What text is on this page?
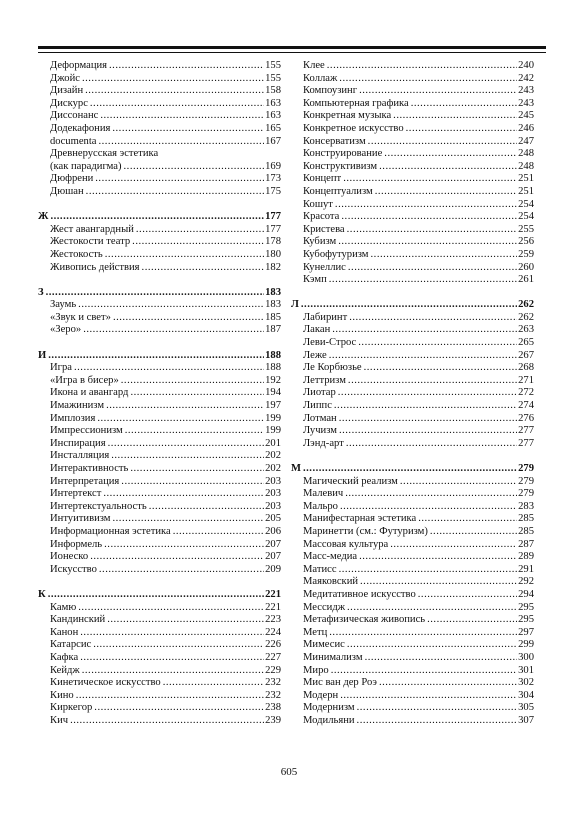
Деформация .....	155
Джойс .....	155
Дизайн .....	158
Дискурс .....	163
Диссонанс .....	163
Додекафония .....	165
documenta .....	167
Древнерусская эстетика
(как парадигма) .....	169
Дюфрени .....	173
Дюшан .....	175
Ж .....	177
Жест авангардный .....	177
Жестокости театр .....	178
Жестокость .....	180
Живопись действия .....	182
З .....	183
Заумь .....	183
«Звук и свет» .....	185
«Зеро» .....	187
И .....	188
Игра .....	188
«Игра в бисер» .....	192
Икона и авангард .....	194
Имажинизм .....	197
Имплозия .....	199
Импрессионизм .....	199
Инспирация .....	201
Инсталляция .....	202
Интерактивность .....	202
Интерпретация .....	203
Интертекст .....	203
Интертекстуальность .....	203
Интуитивизм .....	205
Информационная эстетика .....	206
Информель .....	207
Ионеско .....	207
Искусство .....	209
К .....	221
Камю .....	221
Кандинский .....	223
Канон .....	224
Катарсис .....	226
Кафка .....	227
Кейдж .....	229
Кинетическое искусство .....	232
Кино .....	232
Киркегор .....	238
Кич .....	239
Клее .....	240
Коллаж .....	242
Компоузинг .....	243
Компьютерная графика .....	243
Конкретная музыка .....	245
Конкретное искусство .....	246
Консерватизм .....	247
Конструирование .....	248
Конструктивизм .....	248
Концепт .....	251
Концептуализм .....	251
Кошут .....	254
Красота .....	254
Кристева .....	255
Кубизм .....	256
Кубофутуризм .....	259
Кунеллис .....	260
Кэмп .....	261
Л .....	262
Лабиринт .....	262
Лакан .....	263
Леви-Строс .....	265
Леже .....	267
Ле Корбюзье .....	268
Леттризм .....	271
Лиотар .....	272
Липпс .....	274
Лотман .....	276
Лучизм .....	277
Лэнд-арт .....	277
М .....	279
Магический реализм .....	279
Малевич .....	279
Мальро .....	283
Манифестарная эстетика .....	285
Маринетти (см.: Футуризм) .....	285
Массовая культура .....	287
Масс-медиа .....	289
Матисс .....	291
Маяковский .....	292
Медитативное искусство .....	294
Мессидж .....	295
Метафизическая живопись .....	295
Метц .....	297
Мимесис .....	299
Минимализм .....	300
Миро .....	301
Мис ван дер Роэ .....	302
Модерн .....	304
Модернизм .....	305
Модильяни .....	307
605
